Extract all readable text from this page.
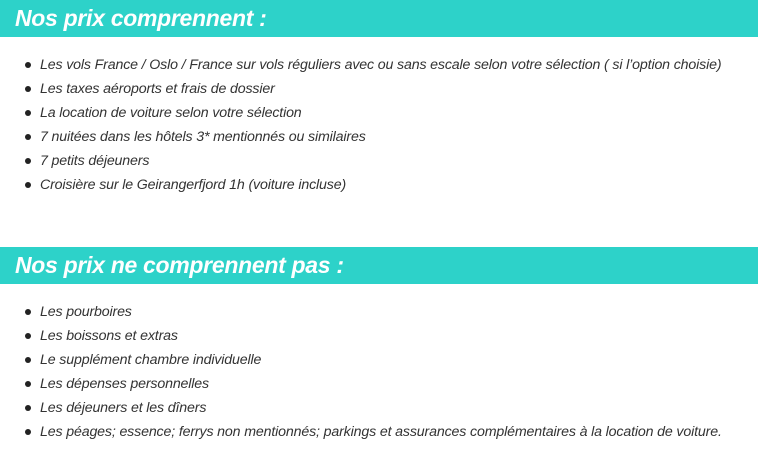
Nos prix comprennent :
Les vols France / Oslo / France sur vols réguliers avec ou sans escale selon votre sélection ( si l’option choisie)
Les taxes aéroports et frais de dossier
La location de voiture selon votre sélection
7 nuitées dans les hôtels 3* mentionnés ou similaires
7 petits déjeuners
Croisière sur le Geirangerfjord 1h (voiture incluse)
Nos prix ne comprennent pas :
Les pourboires
Les boissons et extras
Le supplément chambre individuelle
Les dépenses personnelles
Les déjeuners et les dîners
Les péages; essence; ferrys non mentionnés; parkings et assurances complémentaires à la location de voiture.
